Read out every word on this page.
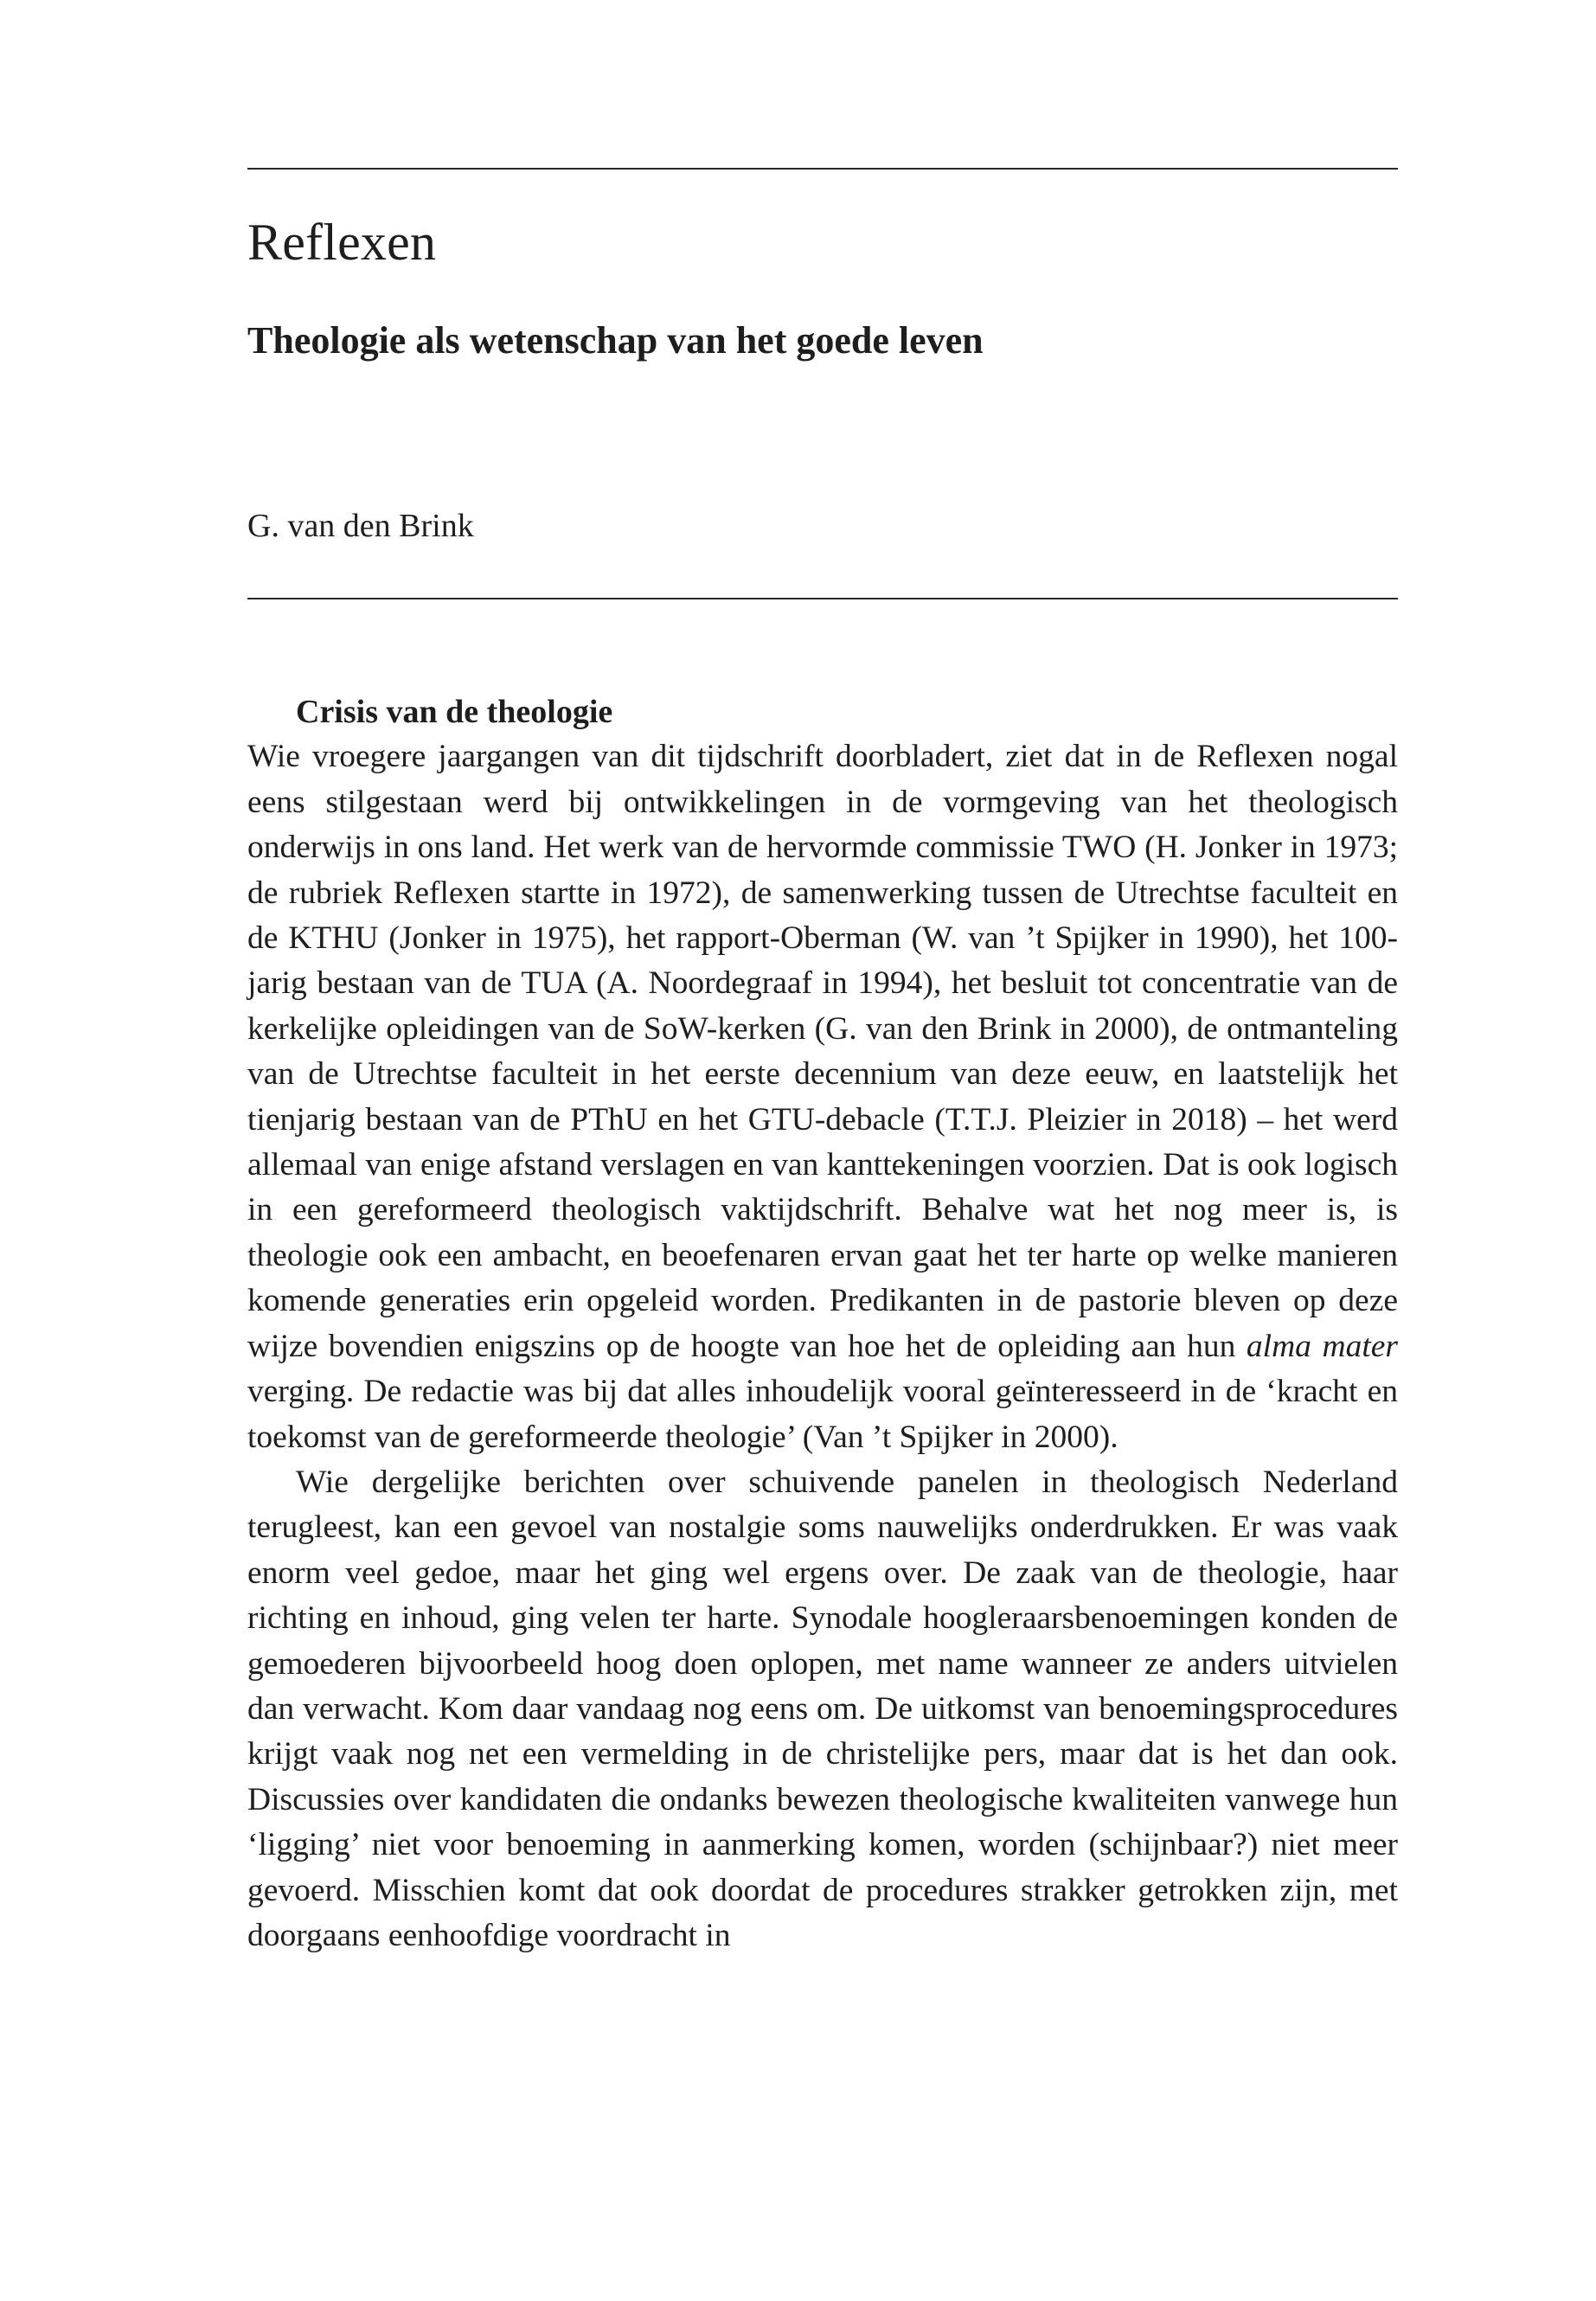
Reflexen
Theologie als wetenschap van het goede leven

G. van den Brink

Crisis van de theologie

Wie vroegere jaargangen van dit tijdschrift doorbladert, ziet dat in de Reflexen nogal eens stilgestaan werd bij ontwikkelingen in de vormgeving van het theologisch onderwijs in ons land. Het werk van de hervormde commissie TWO (H. Jonker in 1973; de rubriek Reflexen startte in 1972), de samenwerking tussen de Utrechtse faculteit en de KTHU (Jonker in 1975), het rapport-Oberman (W. van ’t Spijker in 1990), het 100-jarig bestaan van de TUA (A. Noordegraaf in 1994), het besluit tot concentratie van de kerkelijke opleidingen van de SoW-kerken (G. van den Brink in 2000), de ontmanteling van de Utrechtse faculteit in het eerste decennium van deze eeuw, en laatstelijk het tienjarig bestaan van de PThU en het GTU-debacle (T.T.J. Pleizier in 2018) – het werd allemaal van enige afstand verslagen en van kanttekeningen voorzien. Dat is ook logisch in een gereformeerd theologisch vaktijdschrift. Behalve wat het nog meer is, is theologie ook een ambacht, en beoefenaren ervan gaat het ter harte op welke manieren komende generaties erin opgeleid worden. Predikanten in de pastorie bleven op deze wijze bovendien enigszins op de hoogte van hoe het de opleiding aan hun alma mater verging. De redactie was bij dat alles inhoudelijk vooral geïnteresseerd in de ‘kracht en toekomst van de gereformeerde theologie’ (Van ’t Spijker in 2000).

Wie dergelijke berichten over schuivende panelen in theologisch Nederland terugleest, kan een gevoel van nostalgie soms nauwelijks onderdrukken. Er was vaak enorm veel gedoe, maar het ging wel ergens over. De zaak van de theologie, haar richting en inhoud, ging velen ter harte. Synodale hoogleraarsbenoemingen konden de gemoederen bijvoorbeeld hoog doen oplopen, met name wanneer ze anders uitvielen dan verwacht. Kom daar vandaag nog eens om. De uitkomst van benoemingsprocedures krijgt vaak nog net een vermelding in de christelijke pers, maar dat is het dan ook. Discussies over kandidaten die ondanks bewezen theologische kwaliteiten vanwege hun ‘ligging’ niet voor benoeming in aanmerking komen, worden (schijnbaar?) niet meer gevoerd. Misschien komt dat ook doordat de procedures strakker getrokken zijn, met doorgaans eenhoofdige voordracht in
